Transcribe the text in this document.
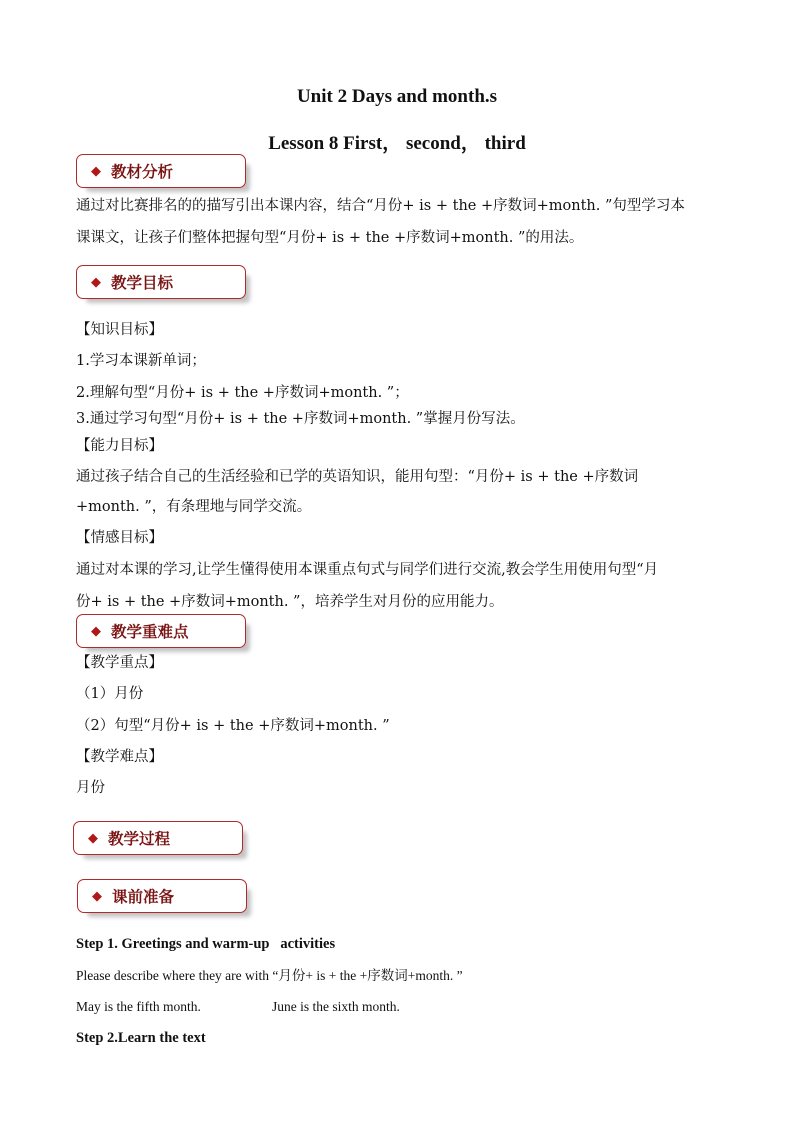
Unit 2 Days and month.s
Lesson 8 First， second， third
◆ 教材分析
通过对比赛排名的的描写引出本课内容，结合“月份+ is + the +序数词+month. ”句型学习本
课课文，让孩子们整体把握句型“月份+ is + the +序数词+month. ”的用法。
◆ 教学目标
【知识目标】
1.学习本课新单词；
2.理解句型“月份+ is + the +序数词+month. ”；
3.通过学习句型“月份+ is + the +序数词+month. ”掌握月份写法。
【能力目标】
通过孩子结合自己的生活经验和已学的英语知识，能用句型：“月份+ is + the +序数词
+month. ”，有条理地与同学交流。
【情感目标】
通过对本课的学习,让学生懂得使用本课重点句式与同学们进行交流,教会学生用使用句型“月
份+ is + the +序数词+month. ”，培养学生对月份的应用能力。
◆ 教学重难点
【教学重点】
（1）月份
（2）句型“月份+ is + the +序数词+month. ”
【教学难点】
月份
◆ 教学过程
◆ 课前准备
Step 1. Greetings and warm-up   activities
Please describe where they are with “月份+ is + the +序数词+month. ”
May is the fifth month.	June is the sixth month.
Step 2.Learn the text
